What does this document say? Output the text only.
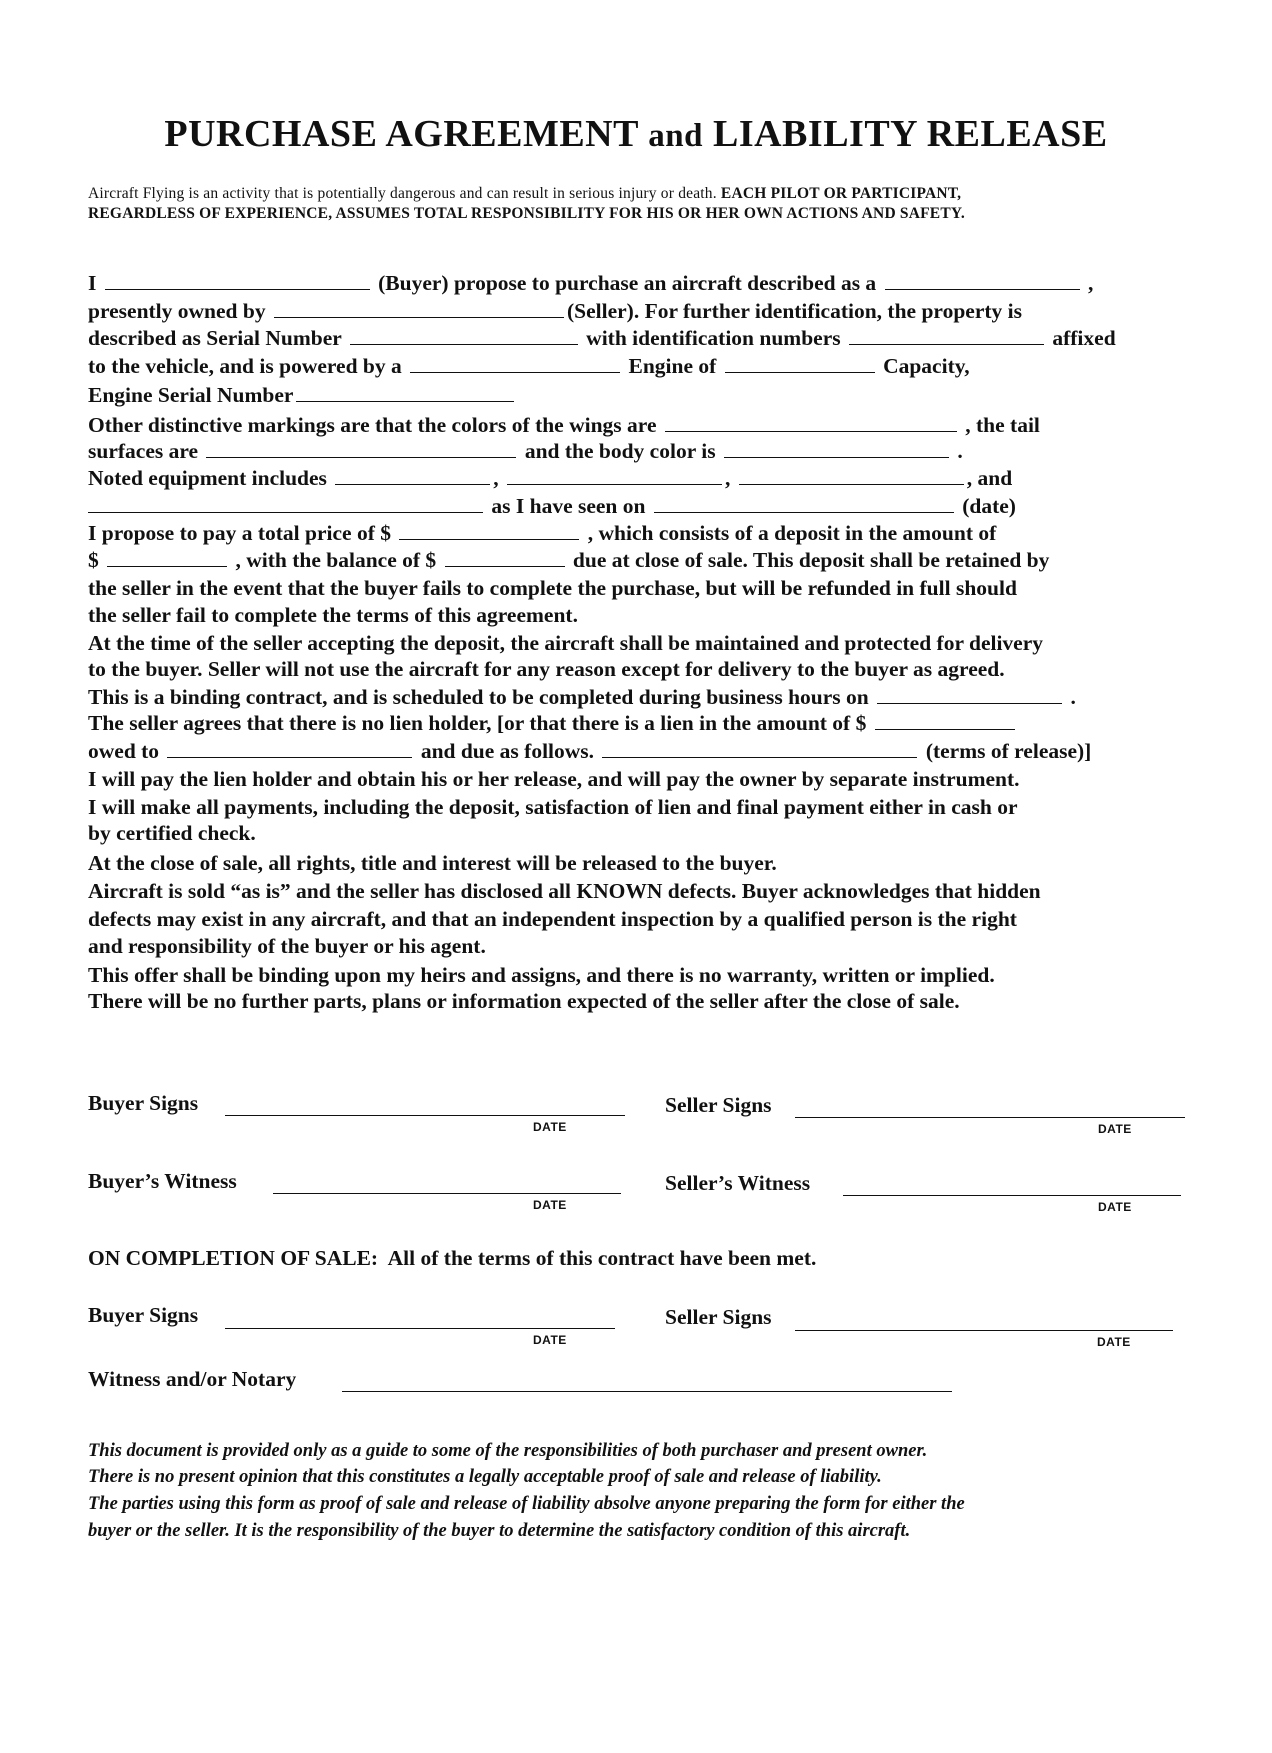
PURCHASE AGREEMENT and LIABILITY RELEASE
Aircraft Flying is an activity that is potentially dangerous and can result in serious injury or death. EACH PILOT OR PARTICIPANT,
REGARDLESS OF EXPERIENCE, ASSUMES TOTAL RESPONSIBILITY FOR HIS OR HER OWN ACTIONS AND SAFETY.
I	(Buyer) propose to purchase an aircraft described as a	,
presently owned by	(Seller). For further identification, the property is
described as Serial Number	with identification numbers	affixed
to the vehicle, and is powered by a	Engine of	Capacity,
Engine Serial Number
Other distinctive markings are that the colors of the wings are	, the tail
surfaces are	and the body color is	.
Noted equipment includes	,	,	, and
as I have seen on	(date)
I propose to pay a total price of $	, which consists of a deposit in the amount of
$	, with the balance of $	due at close of sale. This deposit shall be retained by
the seller in the event that the buyer fails to complete the purchase, but will be refunded in full should
the seller fail to complete the terms of this agreement.
At the time of the seller accepting the deposit, the aircraft shall be maintained and protected for delivery
to the buyer. Seller will not use the aircraft for any reason except for delivery to the buyer as agreed.
This is a binding contract, and is scheduled to be completed during business hours on	.
The seller agrees that there is no lien holder, [or that there is a lien in the amount of $
owed to	and due as follows.	(terms of release)]
I will pay the lien holder and obtain his or her release, and will pay the owner by separate instrument.
I will make all payments, including the deposit, satisfaction of lien and final payment either in cash or
by certified check.
At the close of sale, all rights, title and interest will be released to the buyer.
Aircraft is sold “as is” and the seller has disclosed all KNOWN defects. Buyer acknowledges that hidden
defects may exist in any aircraft, and that an independent inspection by a qualified person is the right
and responsibility of the buyer or his agent.
This offer shall be binding upon my heirs and assigns, and there is no warranty, written or implied.
There will be no further parts, plans or information expected of the seller after the close of sale.
Buyer Signs
DATE
Seller Signs
DATE
Buyer’s Witness
DATE
Seller’s Witness
DATE
ON COMPLETION OF SALE: All of the terms of this contract have been met.
Buyer Signs
DATE
Seller Signs
DATE
Witness and/or Notary
This document is provided only as a guide to some of the responsibilities of both purchaser and present owner.
There is no present opinion that this constitutes a legally acceptable proof of sale and release of liability.
The parties using this form as proof of sale and release of liability absolve anyone preparing the form for either the
buyer or the seller. It is the responsibility of the buyer to determine the satisfactory condition of this aircraft.
